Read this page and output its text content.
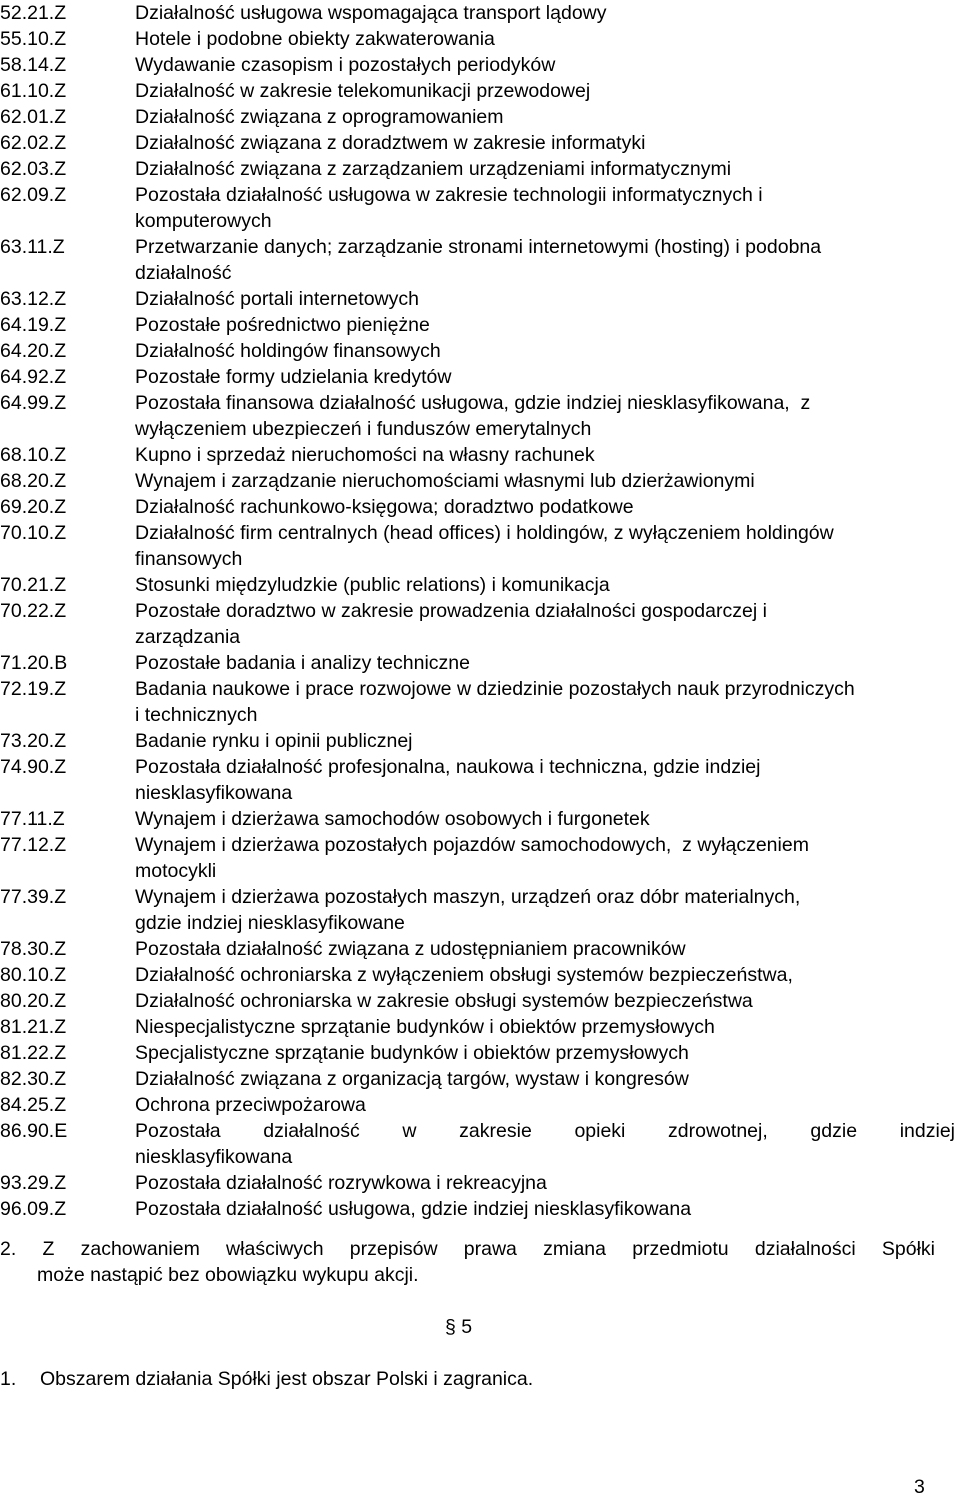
52.21.Z	Działalność usługowa wspomagająca transport lądowy
55.10.Z	Hotele i podobne obiekty zakwaterowania
58.14.Z	Wydawanie czasopism i pozostałych periodyków
61.10.Z	Działalność w zakresie telekomunikacji przewodowej
62.01.Z	Działalność związana z oprogramowaniem
62.02.Z	Działalność związana z doradztwem w zakresie informatyki
62.03.Z	Działalność związana z zarządzaniem urządzeniami informatycznymi
62.09.Z	Pozostała działalność usługowa w zakresie technologii informatycznych i
komputerowych
63.11.Z	Przetwarzanie danych; zarządzanie stronami internetowymi (hosting) i podobna
działalność
63.12.Z	Działalność portali internetowych
64.19.Z	Pozostałe pośrednictwo pieniężne
64.20.Z	Działalność holdingów finansowych
64.92.Z	Pozostałe formy udzielania kredytów
64.99.Z	Pozostała finansowa działalność usługowa, gdzie indziej niesklasyfikowana,  z
wyłączeniem ubezpieczeń i funduszów emerytalnych
68.10.Z	Kupno i sprzedaż nieruchomości na własny rachunek
68.20.Z	Wynajem i zarządzanie nieruchomościami własnymi lub dzierżawionymi
69.20.Z	Działalność rachunkowo-księgowa; doradztwo podatkowe
70.10.Z	Działalność firm centralnych (head offices) i holdingów, z wyłączeniem holdingów
finansowych
70.21.Z	Stosunki międzyludzkie (public relations) i komunikacja
70.22.Z	Pozostałe doradztwo w zakresie prowadzenia działalności gospodarczej i
zarządzania
71.20.B	Pozostałe badania i analizy techniczne
72.19.Z	Badania naukowe i prace rozwojowe w dziedzinie pozostałych nauk przyrodniczych
i technicznych
73.20.Z	Badanie rynku i opinii publicznej
74.90.Z	Pozostała działalność profesjonalna, naukowa i techniczna, gdzie indziej
niesklasyfikowana
77.11.Z	Wynajem i dzierżawa samochodów osobowych i furgonetek
77.12.Z	Wynajem i dzierżawa pozostałych pojazdów samochodowych,  z wyłączeniem
motocykli
77.39.Z	Wynajem i dzierżawa pozostałych maszyn, urządzeń oraz dóbr materialnych,
gdzie indziej niesklasyfikowane
78.30.Z	Pozostała działalność związana z udostępnianiem pracowników
80.10.Z	Działalność ochroniarska z wyłączeniem obsługi systemów bezpieczeństwa,
80.20.Z	Działalność ochroniarska w zakresie obsługi systemów bezpieczeństwa
81.21.Z	Niespecjalistyczne sprzątanie budynków i obiektów przemysłowych
81.22.Z	Specjalistyczne sprzątanie budynków i obiektów przemysłowych
82.30.Z	Działalność związana z organizacją targów, wystaw i kongresów
84.25.Z	Ochrona przeciwpożarowa
86.90.E	Pozostała działalność w zakresie opieki zdrowotnej, gdzie indziej
niesklasyfikowana
93.29.Z	Pozostała działalność rozrywkowa i rekreacyjna
96.09.Z	Pozostała działalność usługowa, gdzie indziej niesklasyfikowana
2. Z zachowaniem właściwych przepisów prawa zmiana przedmiotu działalności Spółki
może nastąpić bez obowiązku wykupu akcji.
§ 5
1. Obszarem działania Spółki jest obszar Polski i zagranica.
3
